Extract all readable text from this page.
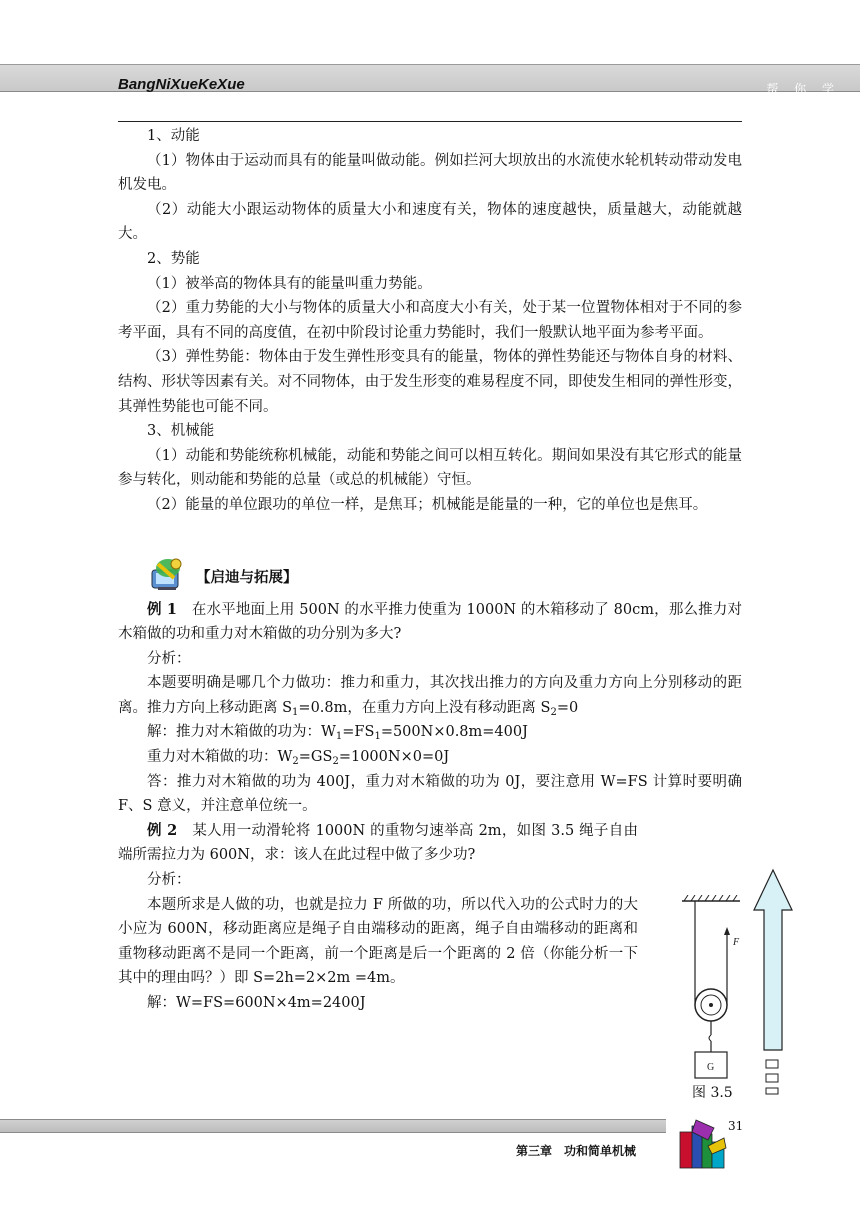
BangNiXueKeXue	帮 你 学

1、动能

（1）物体由于运动而具有的能量叫做动能。例如拦河大坝放出的水流使水轮机转动带动发电机发电。

（2）动能大小跟运动物体的质量大小和速度有关，物体的速度越快，质量越大，动能就越大。

2、势能

（1）被举高的物体具有的能量叫重力势能。

（2）重力势能的大小与物体的质量大小和高度大小有关，处于某一位置物体相对于不同的参考平面，具有不同的高度值，在初中阶段讨论重力势能时，我们一般默认地平面为参考平面。

（3）弹性势能：物体由于发生弹性形变具有的能量，物体的弹性势能还与物体自身的材料、结构、形状等因素有关。对不同物体，由于发生形变的难易程度不同，即使发生相同的弹性形变，其弹性势能也可能不同。

3、机械能

（1）动能和势能统称机械能，动能和势能之间可以相互转化。期间如果没有其它形式的能量参与转化，则动能和势能的总量（或总的机械能）守恒。

（2）能量的单位跟功的单位一样，是焦耳；机械能是能量的一种，它的单位也是焦耳。

【启迪与拓展】

例 1　在水平地面上用 500N 的水平推力使重为 1000N 的木箱移动了 80cm，那么推力对木箱做的功和重力对木箱做的功分别为多大?

分析：

本题要明确是哪几个力做功：推力和重力，其次找出推力的方向及重力方向上分别移动的距离。推力方向上移动距离 $S_1=0.8m$，在重力方向上没有移动距离 $S_2=0$

解：推力对木箱做的功为：$W_1=FS_1=500N\times 0.8m=400J$

重力对木箱做的功：$W_2=GS_2=1000N\times 0=0J$

答：推力对木箱做的功为 400J，重力对木箱做的功为 0J，要注意用 W=FS 计算时要明确 F、S 意义，并注意单位统一。

例 2　某人用一动滑轮将 1000N 的重物匀速举高 2m，如图 3.5 绳子自由端所需拉力为 600N，求：该人在此过程中做了多少功?

分析：

本题所求是人做的功，也就是拉力 F 所做的功，所以代入功的公式时力的大小应为 600N，移动距离应是绳子自由端移动的距离，绳子自由端移动的距离和重物移动距离不是同一个距离，前一个距离是后一个距离的 2 倍（你能分析一下其中的理由吗？）即 S=2h=2×2m =4m。

解：W=FS=600N×4m=2400J

F
G
图 3.5
31
第三章　功和简单机械
